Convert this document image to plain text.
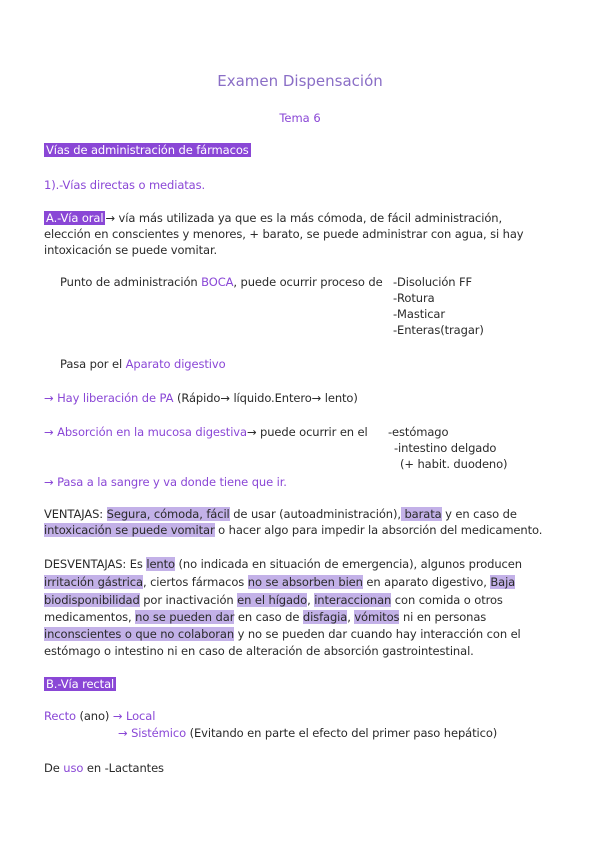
Examen Dispensación
Tema 6
Vías de administración de fármacos
1).-Vías directas o mediatas.
A.-Vía oral → vía más utilizada ya que es la más cómoda, de fácil administración,
elección en conscientes y menores, + barato, se puede administrar con agua, si hay
intoxicación se puede vomitar.
Punto de administración BOCA, puede ocurrir proceso de -Disolución FF
-Rotura
-Masticar
-Enteras(tragar)
Pasa por el Aparato digestivo
→ Hay liberación de PA (Rápido→ líquido.Entero→ lento)
→ Absorción en la mucosa digestiva→ puede ocurrir en el -estómago
-intestino delgado
(+ habit. duodeno)
→ Pasa a la sangre y va donde tiene que ir.
VENTAJAS: Segura, cómoda, fácil de usar (autoadministración), barata y en caso de
intoxicación se puede vomitar o hacer algo para impedir la absorción del medicamento.
DESVENTAJAS: Es lento (no indicada en situación de emergencia), algunos producen
irritación gástrica, ciertos fármacos no se absorben bien en aparato digestivo, Baja
biodisponibilidad por inactivación en el hígado, interaccionan con comida o otros
medicamentos, no se pueden dar en caso de disfagia, vómitos ni en personas
inconscientes o que no colaboran y no se pueden dar cuando hay interacción con el
estómago o intestino ni en caso de alteración de absorción gastrointestinal.
B.-Vía rectal
Recto (ano) → Local
→ Sistémico (Evitando en parte el efecto del primer paso hepático)
De uso en -Lactantes
